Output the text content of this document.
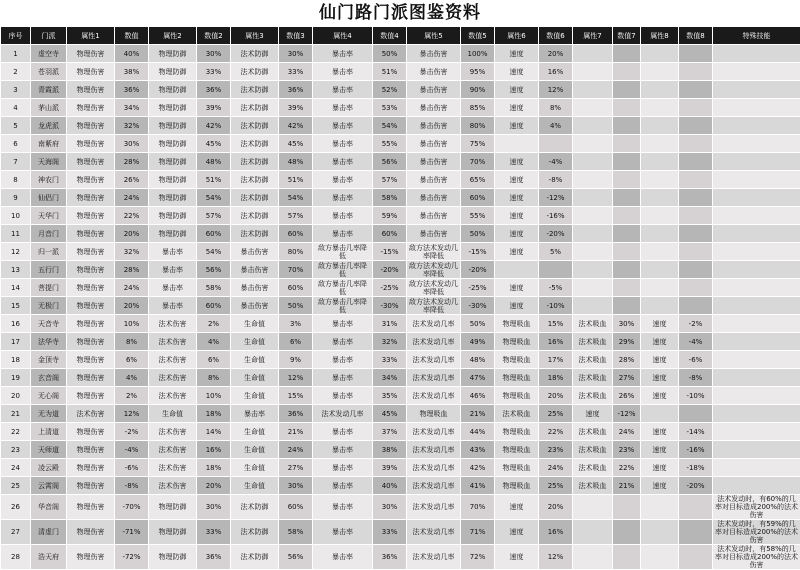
仙门路门派图鉴资料
序号	门派	属性1	数值	属性2	数值2	属性3	数值3	属性4	数值4	属性5	数值5	属性6	数值6	属性7	数值7	属性8	数值8	特殊技能	
1	虚空寺	物理伤害	40%	物理防御	30%	法术防御	30%	暴击率	50%	暴击伤害	100%	速度	20%						
2	苍羽派	物理伤害	38%	物理防御	33%	法术防御	33%	暴击率	51%	暴击伤害	95%	速度	16%						
3	青霞派	物理伤害	36%	物理防御	36%	法术防御	36%	暴击率	52%	暴击伤害	90%	速度	12%						
4	茅山派	物理伤害	34%	物理防御	39%	法术防御	39%	暴击率	53%	暴击伤害	85%	速度	8%						
5	龙虎派	物理伤害	32%	物理防御	42%	法术防御	42%	暴击率	54%	暴击伤害	80%	速度	4%						
6	南紫府	物理伤害	30%	物理防御	45%	法术防御	45%	暴击率	55%	暴击伤害	75%								
7	天海阁	物理伤害	28%	物理防御	48%	法术防御	48%	暴击率	56%	暴击伤害	70%	速度	-4%						
8	神农门	物理伤害	26%	物理防御	51%	法术防御	51%	暴击率	57%	暴击伤害	65%	速度	-8%						
9	仙侣门	物理伤害	24%	物理防御	54%	法术防御	54%	暴击率	58%	暴击伤害	60%	速度	-12%						
10	天华门	物理伤害	22%	物理防御	57%	法术防御	57%	暴击率	59%	暴击伤害	55%	速度	-16%						
11	月音门	物理伤害	20%	物理防御	60%	法术防御	60%	暴击率	60%	暴击伤害	50%	速度	-20%						
12	归一派	物理伤害	32%	暴击率	54%	暴击伤害	80%	敌方暴击几率降低	-15%	敌方法术发动几率降低	-15%	速度	5%						
13	五行门	物理伤害	28%	暴击率	56%	暴击伤害	70%	敌方暴击几率降低	-20%	敌方法术发动几率降低	-20%								
14	菩提门	物理伤害	24%	暴击率	58%	暴击伤害	60%	敌方暴击几率降低	-25%	敌方法术发动几率降低	-25%	速度	-5%						
15	无极门	物理伤害	20%	暴击率	60%	暴击伤害	50%	敌方暴击几率降低	-30%	敌方法术发动几率降低	-30%	速度	-10%						
16	天音寺	物理伤害	10%	法术伤害	2%	生命值	3%	暴击率	31%	法术发动几率	50%	物理吸血	15%	法术吸血	30%	速度	-2%		
17	法华寺	物理伤害	8%	法术伤害	4%	生命值	6%	暴击率	32%	法术发动几率	49%	物理吸血	16%	法术吸血	29%	速度	-4%		
18	金顶寺	物理伤害	6%	法术伤害	6%	生命值	9%	暴击率	33%	法术发动几率	48%	物理吸血	17%	法术吸血	28%	速度	-6%		
19	玄音阁	物理伤害	4%	法术伤害	8%	生命值	12%	暴击率	34%	法术发动几率	47%	物理吸血	18%	法术吸血	27%	速度	-8%		
20	无心阁	物理伤害	2%	法术伤害	10%	生命值	15%	暴击率	35%	法术发动几率	46%	物理吸血	20%	法术吸血	26%	速度	-10%		
21	无为道	法术伤害	12%	生命值	18%	暴击率	36%	法术发动几率	45%	物理吸血	21%	法术吸血	25%	速度	-12%				
22	上清道	物理伤害	-2%	法术伤害	14%	生命值	21%	暴击率	37%	法术发动几率	44%	物理吸血	22%	法术吸血	24%	速度	-14%		
23	天师道	物理伤害	-4%	法术伤害	16%	生命值	24%	暴击率	38%	法术发动几率	43%	物理吸血	23%	法术吸血	23%	速度	-16%		
24	凌云殿	物理伤害	-6%	法术伤害	18%	生命值	27%	暴击率	39%	法术发动几率	42%	物理吸血	24%	法术吸血	22%	速度	-18%		
25	云霄阁	物理伤害	-8%	法术伤害	20%	生命值	30%	暴击率	40%	法术发动几率	41%	物理吸血	25%	法术吸血	21%	速度	-20%		
26	华音阁	物理伤害	-70%	物理防御	30%	法术防御	60%	暴击率	30%	法术发动几率	70%	速度	20%					法术发动时，有60%的几率对目标造成200%的法术伤害	
27	清虚门	物理伤害	-71%	物理防御	33%	法术防御	58%	暴击率	33%	法术发动几率	71%	速度	16%					法术发动时，有59%的几率对目标造成200%的法术伤害	
28	浩天府	物理伤害	-72%	物理防御	36%	法术防御	56%	暴击率	36%	法术发动几率	72%	速度	12%					法术发动时，有58%的几率对目标造成200%的法术伤害	
